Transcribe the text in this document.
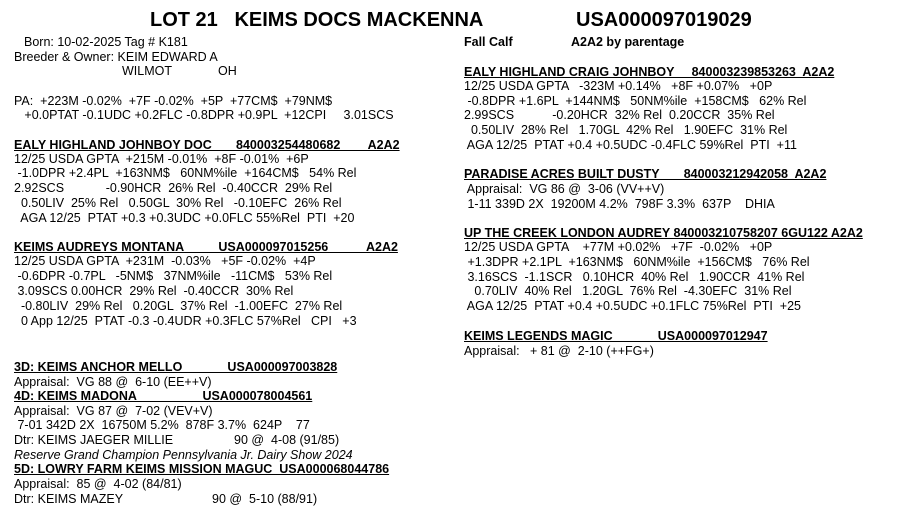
LOT 21   KEIMS DOCS MACKENNA	USA000097019029
Born: 10-02-2025 Tag # K181
Breeder & Owner: KEIM EDWARD A
WILMOT	OH
PA:  +223M -0.02%  +7F -0.02%  +5P  +77CM$  +79NM$
+0.0PTAT -0.1UDC +0.2FLC -0.8DPR +0.9PL  +12CPI     3.01SCS
Fall Calf	A2A2 by parentage
EALY HIGHLAND JOHNBOY DOC       840003254480682        A2A2
12/25 USDA GPTA  +215M -0.01%  +8F -0.01%  +6P
-1.0DPR +2.4PL  +163NM$   60NM%ile  +164CM$   54% Rel
2.92SCS            -0.90HCR  26% Rel  -0.40CCR  29% Rel
0.50LIV  25% Rel   0.50GL  30% Rel   -0.10EFC  26% Rel
AGA 12/25  PTAT +0.3 +0.3UDC +0.0FLC 55%Rel  PTI  +20
KEIMS AUDREYS MONTANA          USA000097015256           A2A2
12/25 USDA GPTA  +231M  -0.03%   +5F -0.02%  +4P
-0.6DPR -0.7PL   -5NM$   37NM%ile   -11CM$   53% Rel
3.09SCS 0.00HCR  29% Rel  -0.40CCR  30% Rel
-0.80LIV  29% Rel   0.20GL  37% Rel  -1.00EFC  27% Rel
0 App 12/25  PTAT -0.3 -0.4UDR +0.3FLC 57%Rel   CPI   +3
3D: KEIMS ANCHOR MELLO             USA000097003828
Appraisal:  VG 88 @  6-10 (EE++V)
4D: KEIMS MADONA                   USA000078004561
Appraisal:  VG 87 @  7-02 (VEV+V)
7-01 342D 2X  16750M 5.2%  878F 3.7%  624P    77
Dtr: KEIMS JAEGER MILLIE	90 @  4-08 (91/85)
Reserve Grand Champion Pennsylvania Jr. Dairy Show 2024
5D: LOWRY FARM KEIMS MISSION MAGUC  USA000068044786
Appraisal:  85 @  4-02 (84/81)
Dtr: KEIMS MAZEY	90 @  5-10 (88/91)
EALY HIGHLAND CRAIG JOHNBOY     840003239853263  A2A2
12/25 USDA GPTA   -323M +0.14%   +8F +0.07%   +0P
-0.8DPR +1.6PL  +144NM$   50NM%ile  +158CM$   62% Rel
2.99SCS           -0.20HCR  32% Rel  0.20CCR  35% Rel
0.50LIV  28% Rel   1.70GL  42% Rel   1.90EFC  31% Rel
AGA 12/25  PTAT +0.4 +0.5UDC -0.4FLC 59%Rel  PTI  +11
PARADISE ACRES BUILT DUSTY       840003212942058  A2A2
Appraisal:  VG 86 @  3-06 (VV++V)
1-11 339D 2X  19200M 4.2%  798F 3.3%  637P    DHIA
UP THE CREEK LONDON AUDREY 840003210758207 6GU122 A2A2
12/25 USDA GPTA    +77M +0.02%   +7F  -0.02%   +0P
+1.3DPR +2.1PL  +163NM$   60NM%ile  +156CM$   76% Rel
3.16SCS  -1.1SCR   0.10HCR  40% Rel   1.90CCR  41% Rel
0.70LIV  40% Rel   1.20GL  76% Rel  -4.30EFC  31% Rel
AGA 12/25  PTAT +0.4 +0.5UDC +0.1FLC 75%Rel  PTI  +25
KEIMS LEGENDS MAGIC             USA000097012947
Appraisal:   + 81 @  2-10 (++FG+)
